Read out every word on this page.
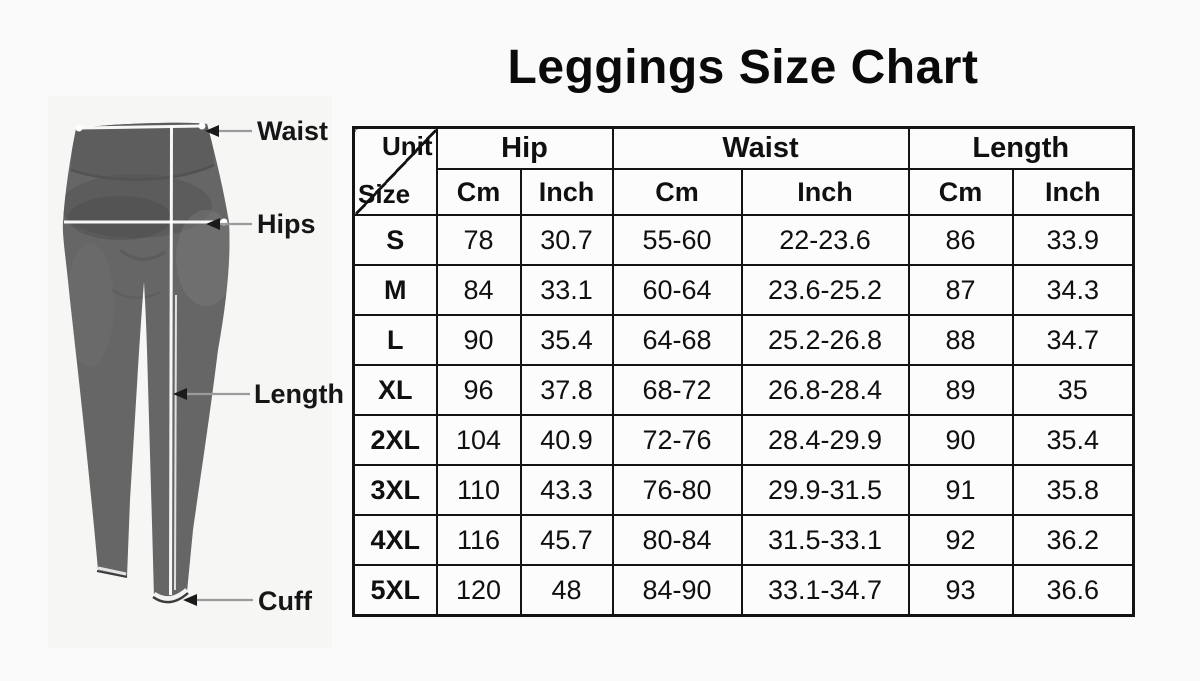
Leggings Size Chart
Waist
Hips
Length
Cuff
Unit
Size	Hip		Waist		Length	
	Cm	Inch	Cm	Inch	Cm	Inch
S	78	30.7	55-60	22-23.6	86	33.9
M	84	33.1	60-64	23.6-25.2	87	34.3
L	90	35.4	64-68	25.2-26.8	88	34.7
XL	96	37.8	68-72	26.8-28.4	89	35
2XL	104	40.9	72-76	28.4-29.9	90	35.4
3XL	110	43.3	76-80	29.9-31.5	91	35.8
4XL	116	45.7	80-84	31.5-33.1	92	36.2
5XL	120	48	84-90	33.1-34.7	93	36.6
